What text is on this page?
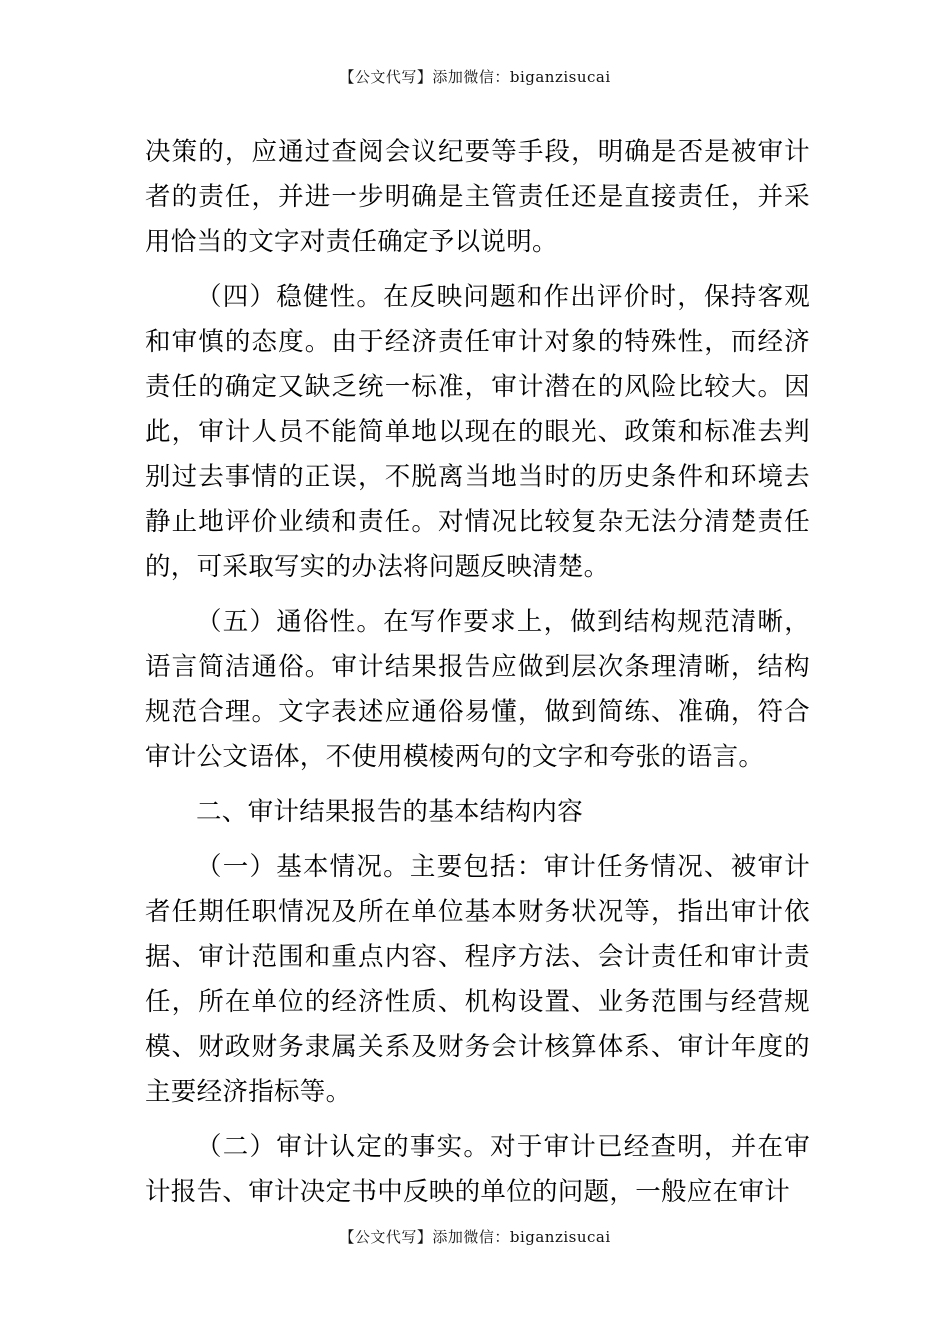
【公文代写】添加微信：biganzisucai

决策的，应通过查阅会议纪要等手段，明确是否是被审计者的责任，并进一步明确是主管责任还是直接责任，并采用恰当的文字对责任确定予以说明。

（四）稳健性。在反映问题和作出评价时，保持客观和审慎的态度。由于经济责任审计对象的特殊性，而经济责任的确定又缺乏统一标准，审计潜在的风险比较大。因此，审计人员不能简单地以现在的眼光、政策和标准去判别过去事情的正误，不脱离当地当时的历史条件和环境去静止地评价业绩和责任。对情况比较复杂无法分清楚责任的，可采取写实的办法将问题反映清楚。

（五）通俗性。在写作要求上，做到结构规范清晰，语言简洁通俗。审计结果报告应做到层次条理清晰，结构规范合理。文字表述应通俗易懂，做到简练、准确，符合审计公文语体，不使用模棱两句的文字和夸张的语言。

二、审计结果报告的基本结构内容

（一）基本情况。主要包括：审计任务情况、被审计者任期任职情况及所在单位基本财务状况等，指出审计依据、审计范围和重点内容、程序方法、会计责任和审计责任，所在单位的经济性质、机构设置、业务范围与经营规模、财政财务隶属关系及财务会计核算体系、审计年度的主要经济指标等。

（二）审计认定的事实。对于审计已经查明，并在审计报告、审计决定书中反映的单位的问题，一般应在审计

【公文代写】添加微信：biganzisucai
